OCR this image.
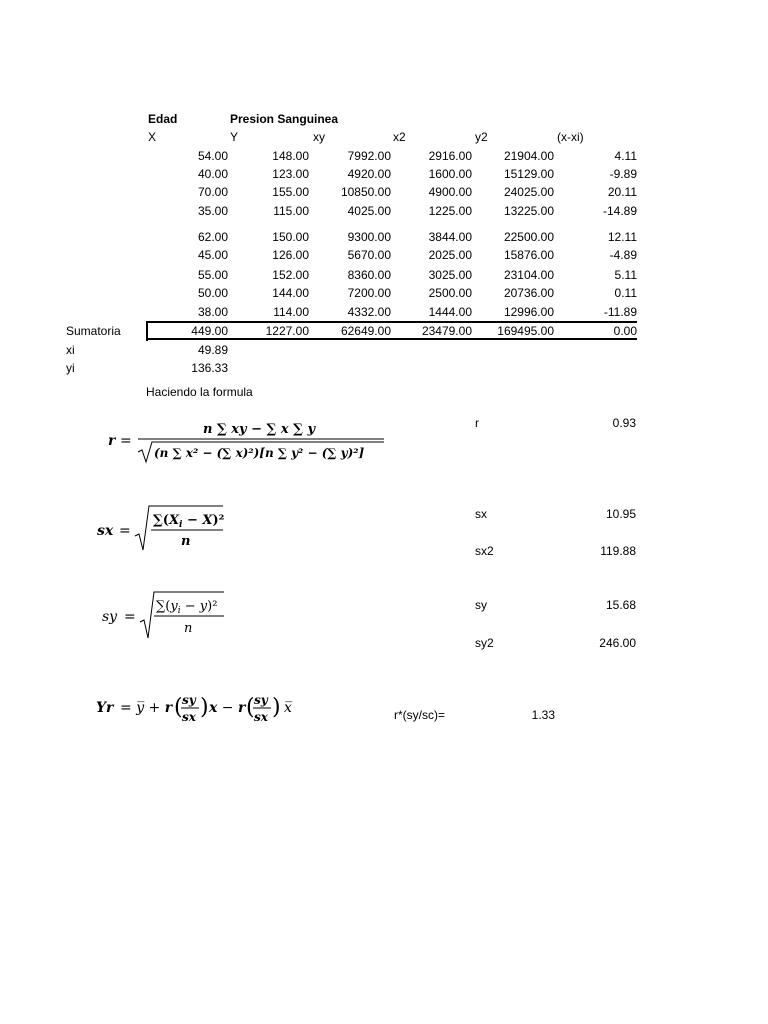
Edad	Presion Sanguinea
X	Y	xy	x2	y2	(x-xi)
54.00	148.00	7992.00	2916.00	21904.00	4.11
40.00	123.00	4920.00	1600.00	15129.00	-9.89
70.00	155.00	10850.00	4900.00	24025.00	20.11
35.00	115.00	4025.00	1225.00	13225.00	-14.89
62.00	150.00	9300.00	3844.00	22500.00	12.11
45.00	126.00	5670.00	2025.00	15876.00	-4.89
55.00	152.00	8360.00	3025.00	23104.00	5.11
50.00	144.00	7200.00	2500.00	20736.00	0.11
38.00	114.00	4332.00	1444.00	12996.00	-11.89
Sumatoria	449.00	1227.00	62649.00	23479.00	169495.00	0.00
xi	49.89
yi	136.33
Haciendo la formula
r =
n ∑ xy − ∑ x ∑ y
(n ∑ x² − (∑ x)²)[n ∑ y² − (∑ y)²]
sx =
$\sum(X_i - X)^2$
n
sy =
$\sum(y_i - y)^2$
n
Yr = y̅ + r ( sy
sx ) x − r ( sy
sx ) x̅
r	0.93
sx	10.95
sx2	119.88
sy	15.68
sy2	246.00
r*(sy/sc)=	1.33
